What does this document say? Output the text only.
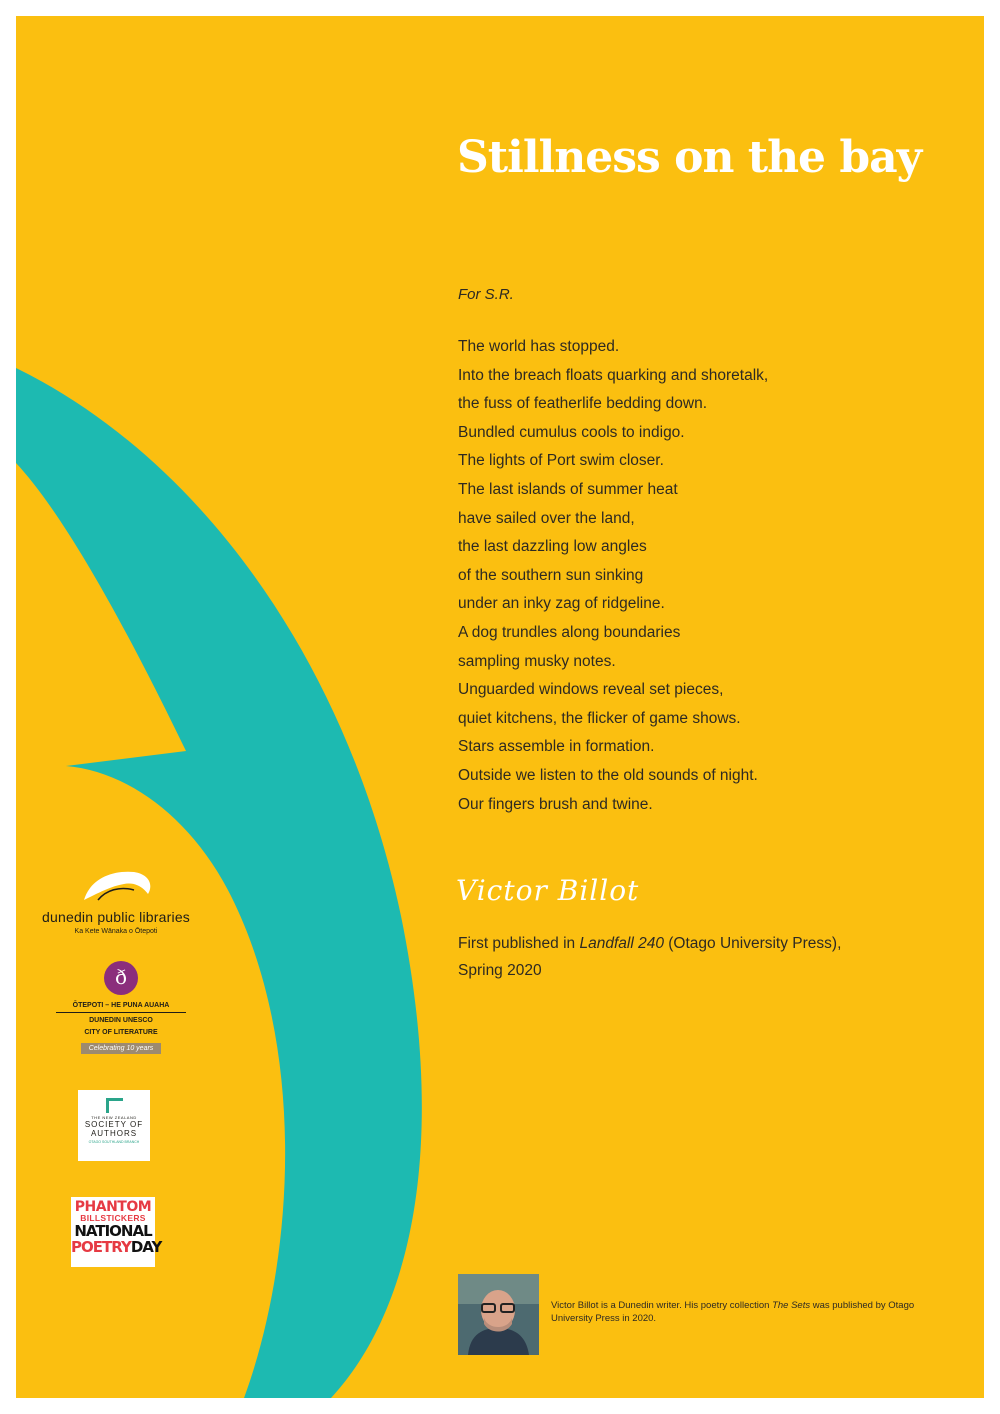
Stillness on the bay

For S.R.

The world has stopped.
Into the breach floats quarking and shoretalk,
the fuss of featherlife bedding down.
Bundled cumulus cools to indigo.
The lights of Port swim closer.
The last islands of summer heat
have sailed over the land,
the last dazzling low angles
of the southern sun sinking
under an inky zag of ridgeline.
A dog trundles along boundaries
sampling musky notes.
Unguarded windows reveal set pieces,
quiet kitchens, the flicker of game shows.
Stars assemble in formation.
Outside we listen to the old sounds of night.
Our fingers brush and twine.
Victor Billot

First published in Landfall 240 (Otago University Press),
Spring 2020

Victor Billot is a Dunedin writer. His poetry collection The Sets was published by Otago University Press in 2020.

dunedin public libraries
Ka Kete Wānaka o Ōtepoti
ð
ŌTEPOTI – HE PUNA AUAHA
DUNEDIN UNESCO
CITY OF LITERATURE
Celebrating 10 years
THE NEW ZEALAND
SOCIETY OF
AUTHORS
OTAGO SOUTHLAND BRANCH
PHANTOM
BILLSTICKERS
NATIONAL
POETRYDAY
